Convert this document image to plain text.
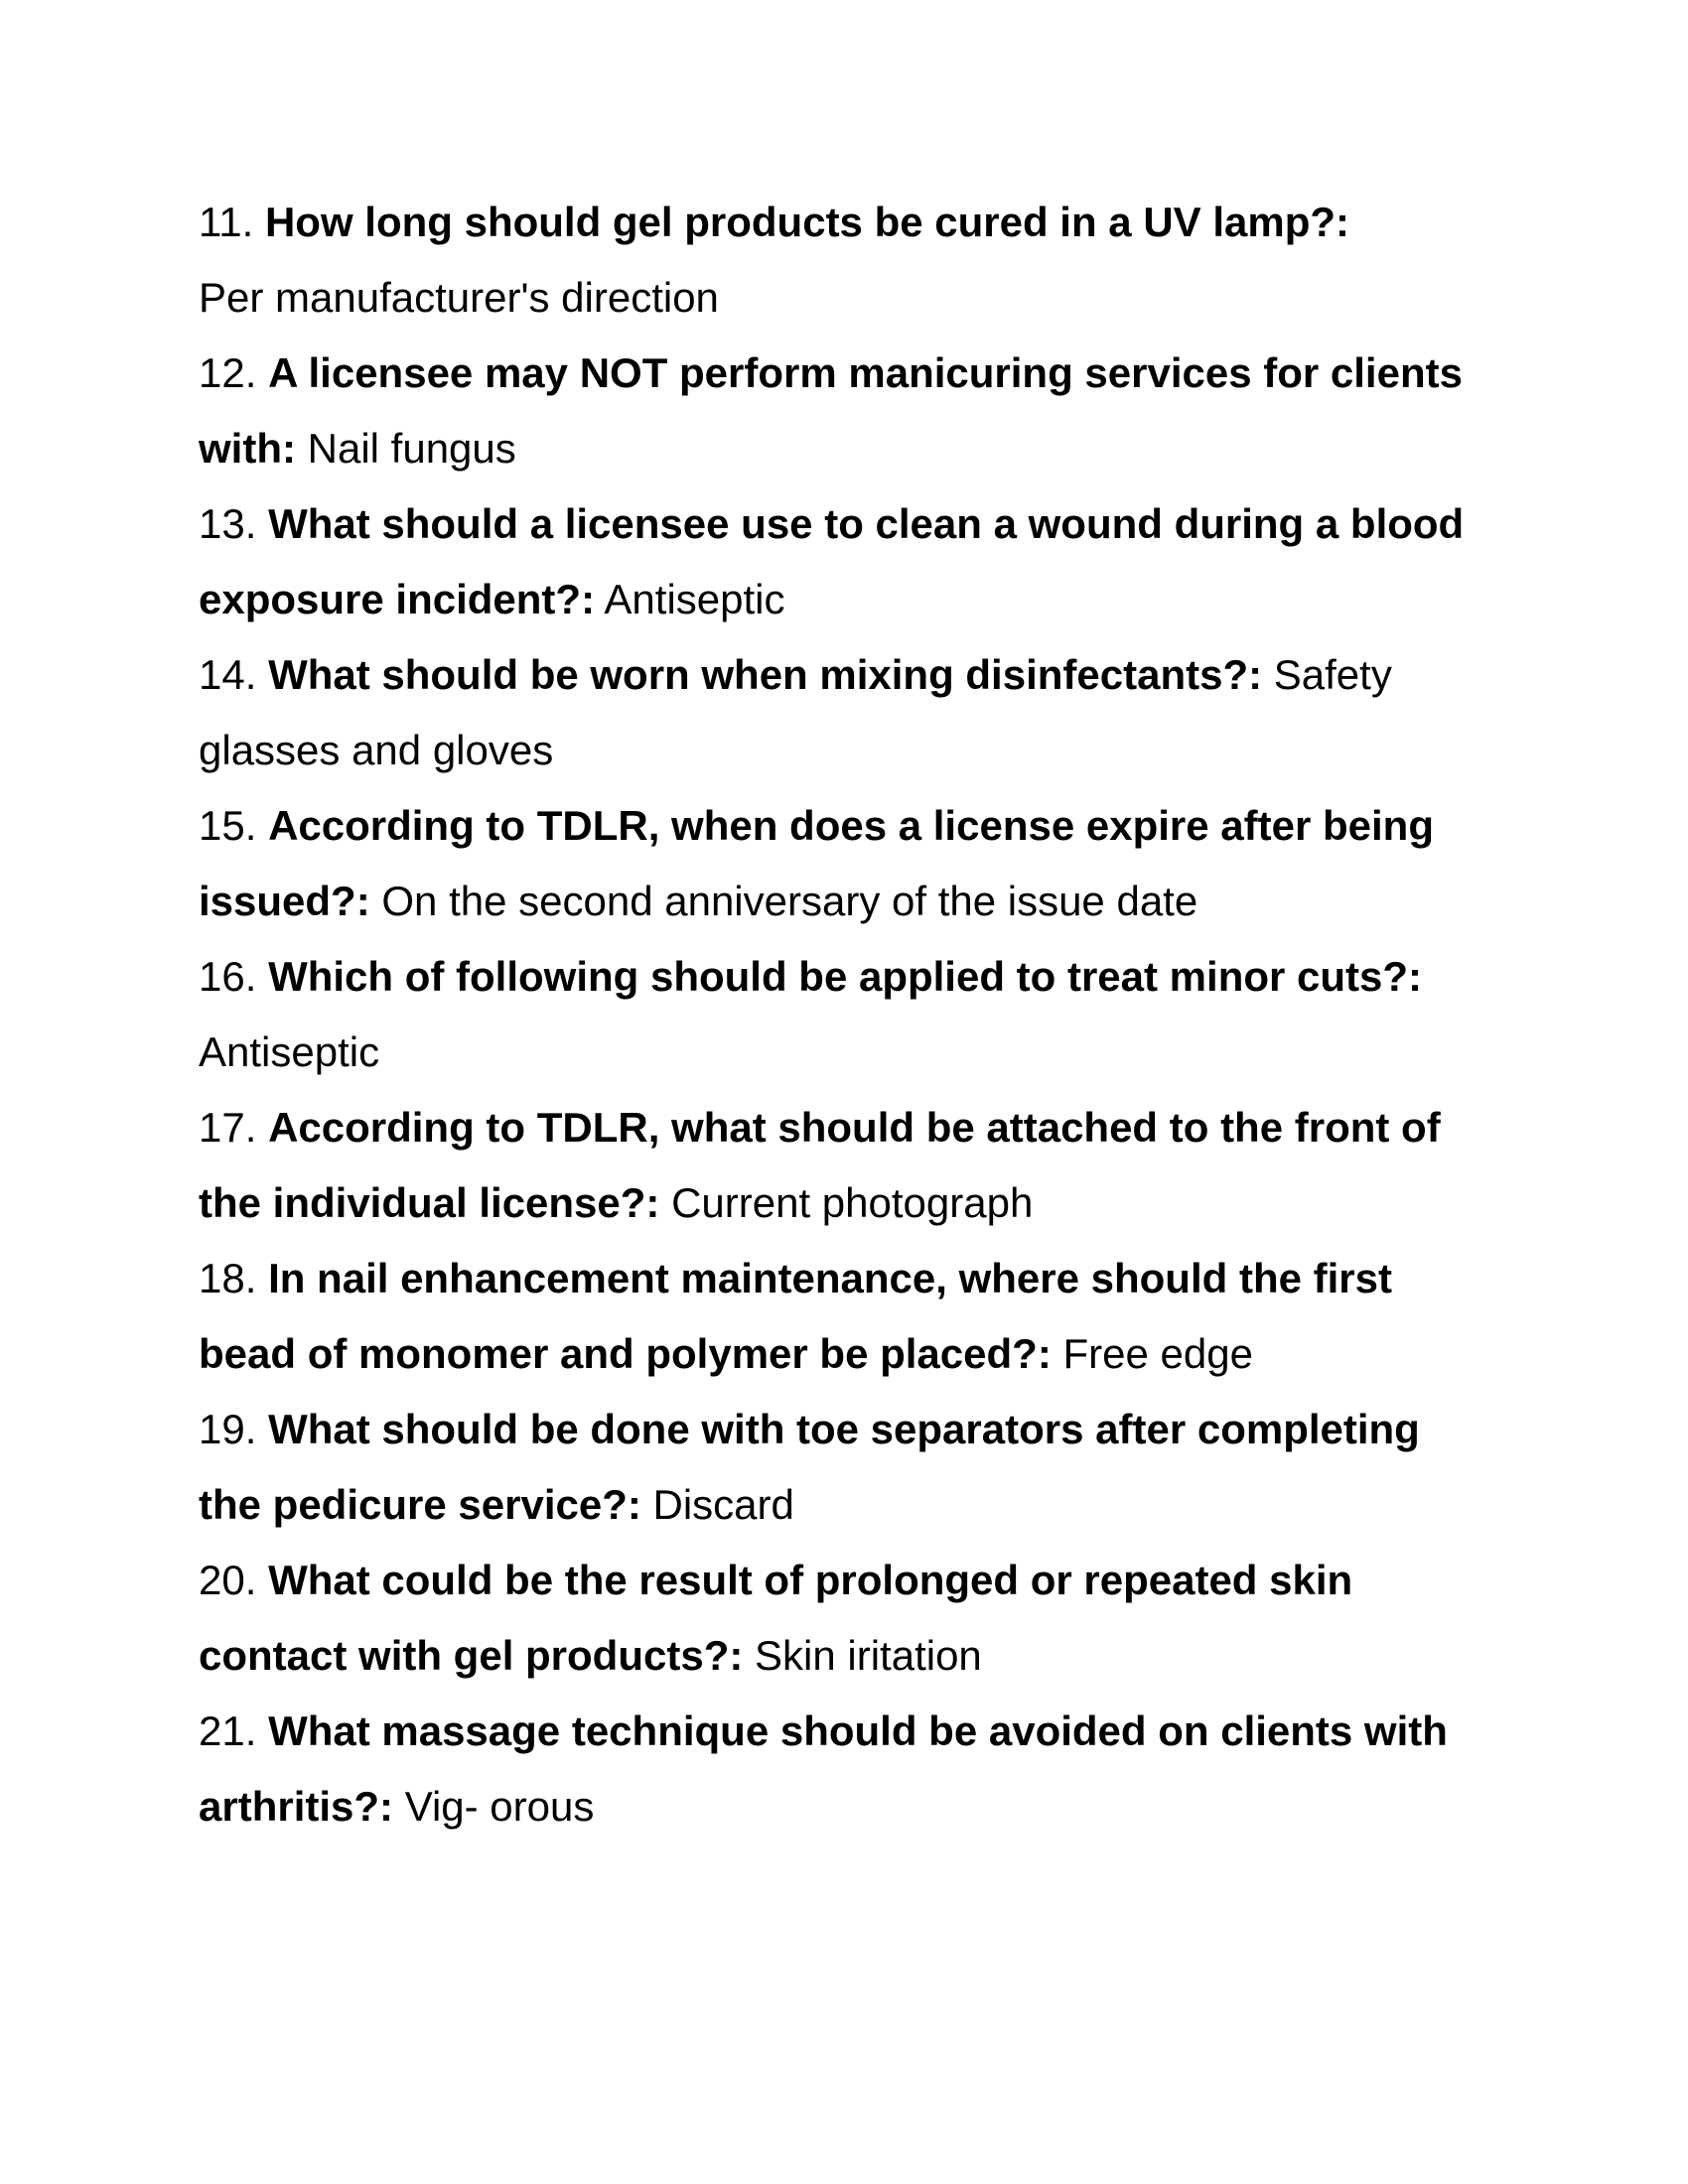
11. How long should gel products be cured in a UV lamp?:
Per manufacturer's direction

12. A licensee may NOT perform manicuring services for clients with: Nail fungus

13. What should a licensee use to clean a wound during a blood exposure incident?: Antiseptic

14. What should be worn when mixing disinfectants?: Safety glasses and gloves

15. According to TDLR, when does a license expire after being issued?: On the second anniversary of the issue date

16. Which of following should be applied to treat minor cuts?:
Antiseptic

17. According to TDLR, what should be attached to the front of the individual license?: Current photograph

18. In nail enhancement maintenance, where should the first bead of monomer and polymer be placed?: Free edge

19. What should be done with toe separators after completing the pedicure service?: Discard

20. What could be the result of prolonged or repeated skin contact with gel products?: Skin iritation

21. What massage technique should be avoided on clients with arthritis?: Vig- orous
